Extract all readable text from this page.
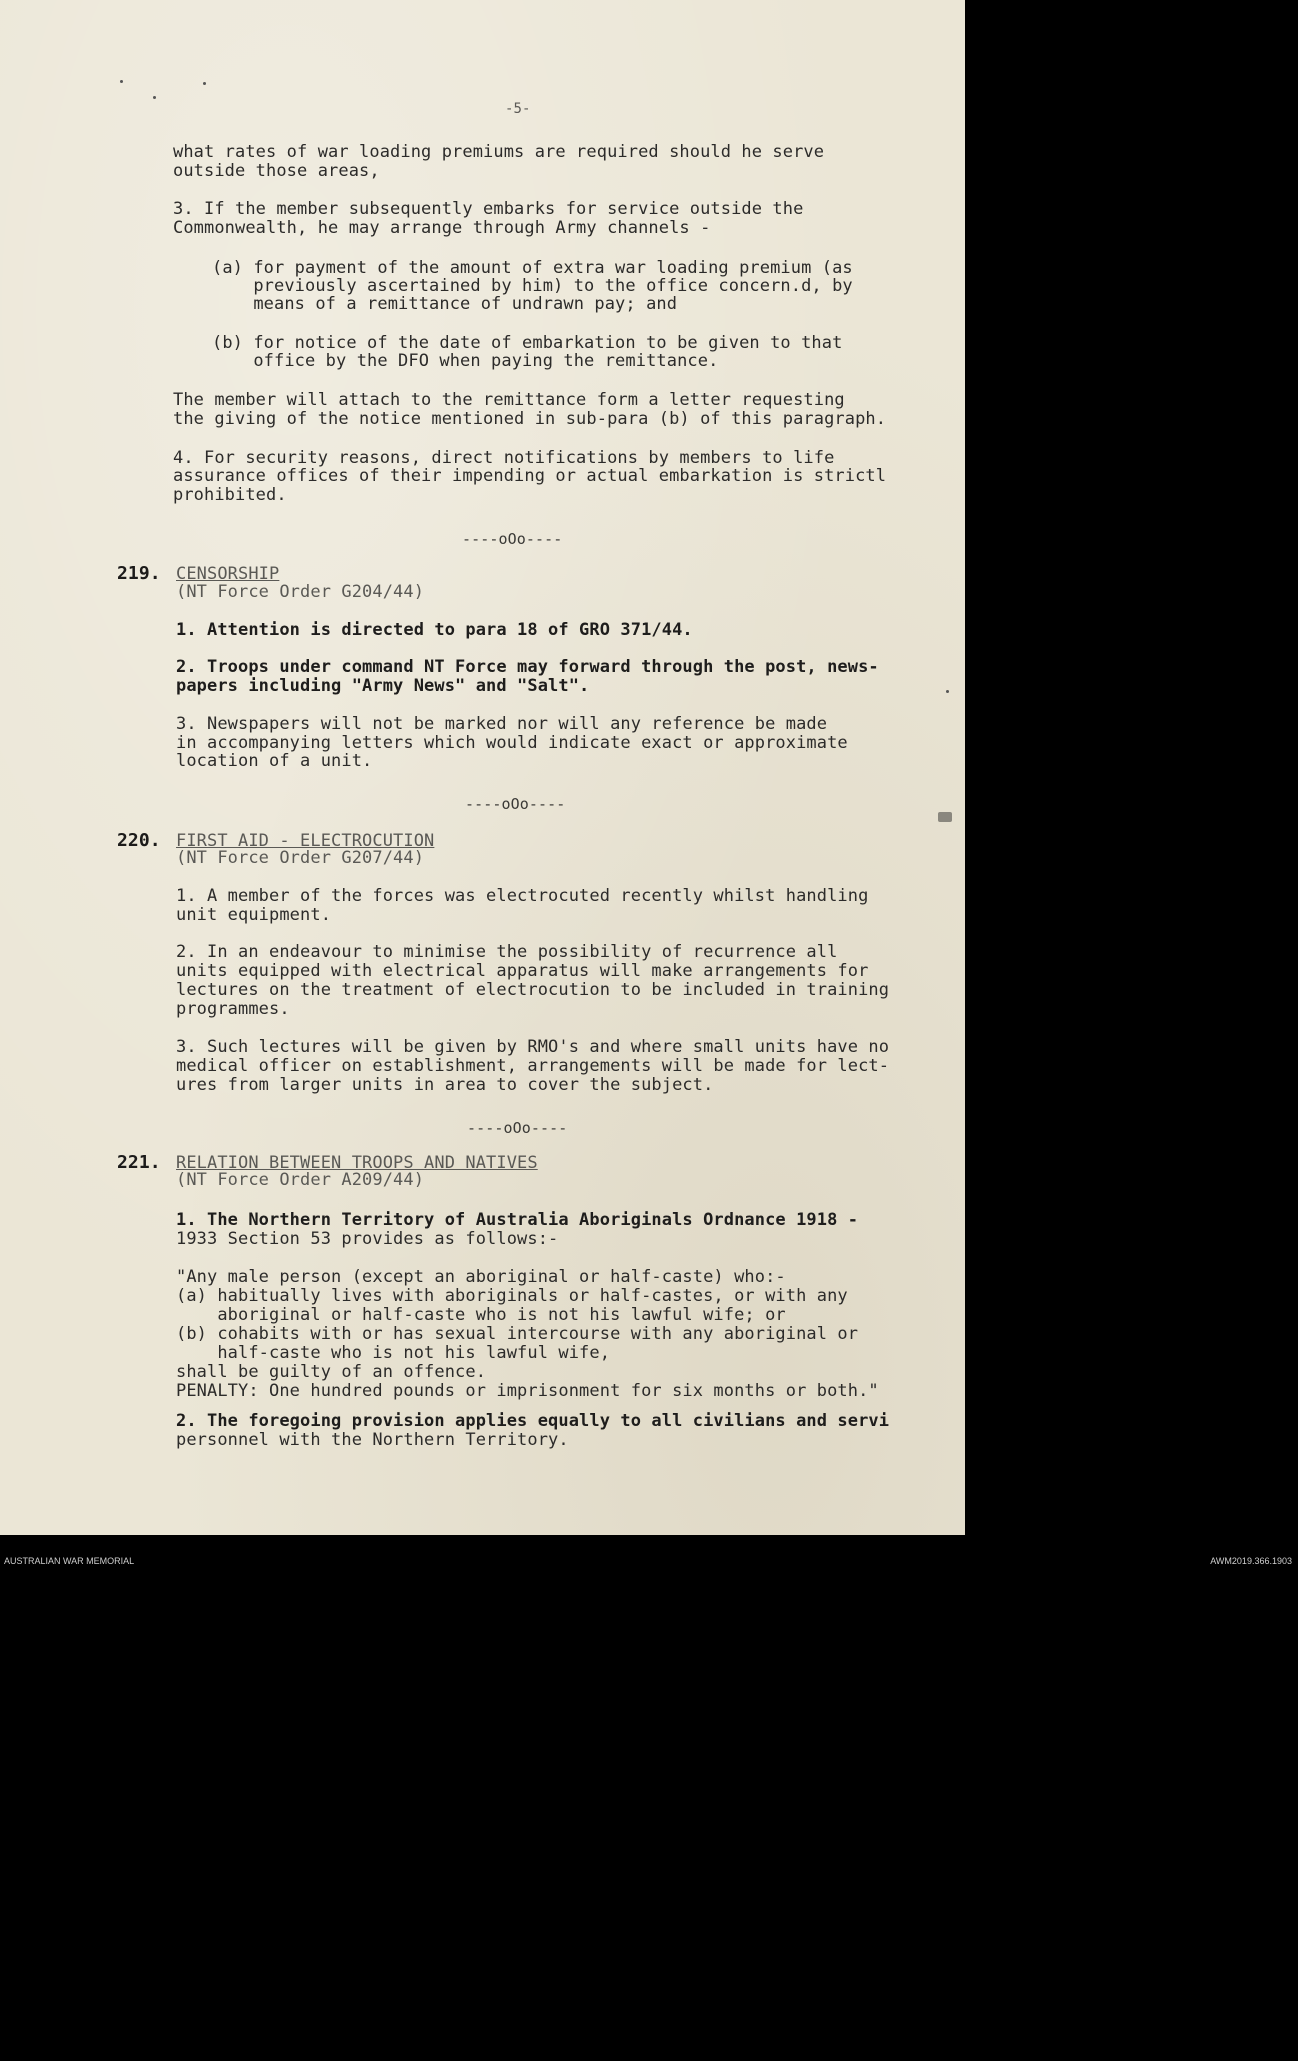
-5-
what rates of war loading premiums are required should he serve
outside those areas,
3. If the member subsequently embarks for service outside the
Commonwealth, he may arrange through Army channels -
(a) for payment of the amount of extra war loading premium (as
previously ascertained by him) to the office concern.d, by
means of a remittance of undrawn pay; and
(b) for notice of the date of embarkation to be given to that
office by the DFO when paying the remittance.
The member will attach to the remittance form a letter requesting
the giving of the notice mentioned in sub-para (b) of this paragraph.
4. For security reasons, direct notifications by members to life
assurance offices of their impending or actual embarkation is strictl
prohibited.
----oOo----
219. CENSORSHIP
(NT Force Order G204/44)
1. Attention is directed to para 18 of GRO 371/44.
2. Troops under command NT Force may forward through the post, news-
papers including "Army News" and "Salt".
3. Newspapers will not be marked nor will any reference be made
in accompanying letters which would indicate exact or approximate
location of a unit.
----oOo----
220. FIRST AID - ELECTROCUTION
(NT Force Order G207/44)
1. A member of the forces was electrocuted recently whilst handling
unit equipment.
2. In an endeavour to minimise the possibility of recurrence all
units equipped with electrical apparatus will make arrangements for
lectures on the treatment of electrocution to be included in training
programmes.
3. Such lectures will be given by RMO's and where small units have no
medical officer on establishment, arrangements will be made for lect-
ures from larger units in area to cover the subject.
----oOo----
221. RELATION BETWEEN TROOPS AND NATIVES
(NT Force Order A209/44)
1. The Northern Territory of Australia Aboriginals Ordnance 1918 -
1933 Section 53 provides as follows:-
"Any male person (except an aboriginal or half-caste) who:-
(a) habitually lives with aboriginals or half-castes, or with any
aboriginal or half-caste who is not his lawful wife; or
(b) cohabits with or has sexual intercourse with any aboriginal or
half-caste who is not his lawful wife,
shall be guilty of an offence.
PENALTY: One hundred pounds or imprisonment for six months or both."
2. The foregoing provision applies equally to all civilians and servi
personnel with the Northern Territory.
AUSTRALIAN WAR MEMORIAL	AWM2019.366.1903
